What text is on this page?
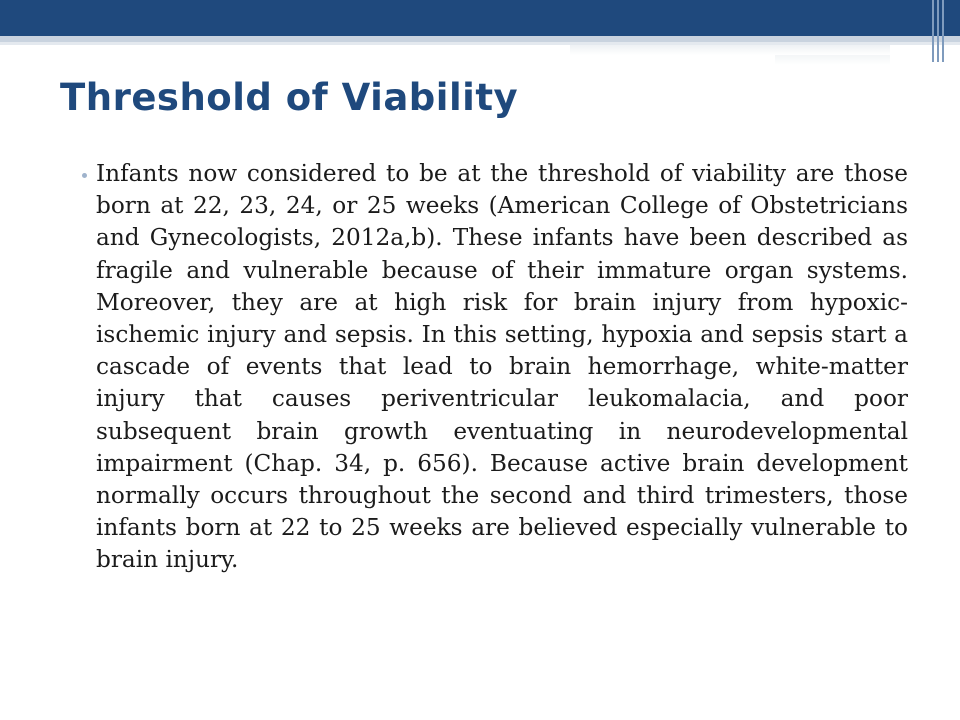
Threshold of Viability

Infants now considered to be at the threshold of viability are those born at 22, 23, 24, or 25 weeks (American College of Obstetricians and Gynecologists, 2012a,b). These infants have been described as fragile and vulnerable because of their immature organ systems. Moreover, they are at high risk for brain injury from hypoxic-ischemic injury and sepsis. In this setting, hypoxia and sepsis start a cascade of events that lead to brain hemorrhage, white-matter injury that causes periventricular leukomalacia, and poor subsequent brain growth eventuating in neurodevelopmental impairment (Chap. 34, p. 656). Because active brain development normally occurs throughout the second and third trimesters, those infants born at 22 to 25 weeks are believed especially vulnerable to brain injury.
